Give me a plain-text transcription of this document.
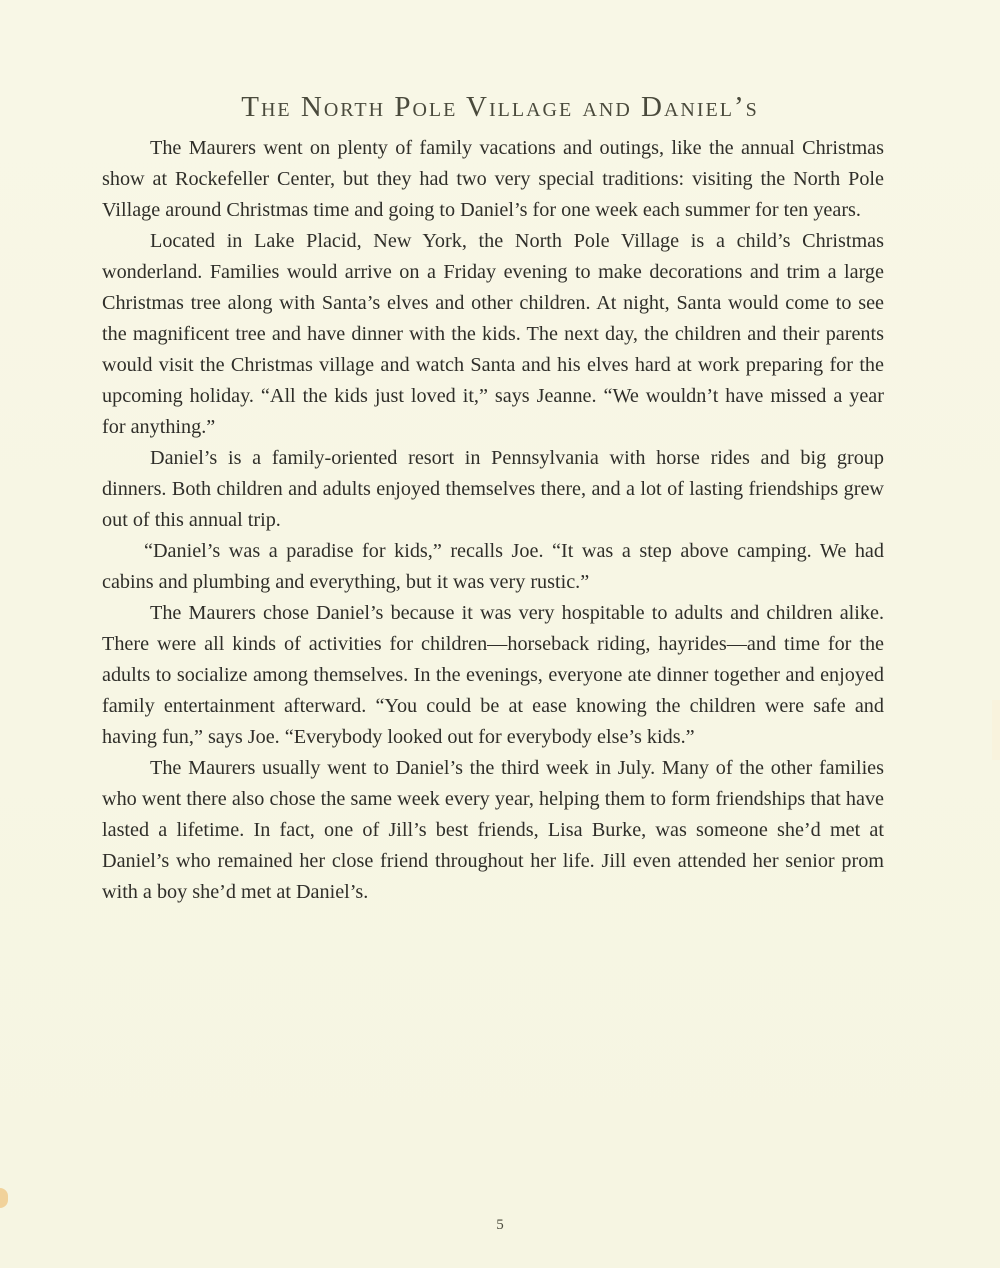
The North Pole Village and Daniel’s

The Maurers went on plenty of family vacations and outings, like the annual Christmas show at Rockefeller Center, but they had two very special traditions: visiting the North Pole Village around Christmas time and going to Daniel’s for one week each summer for ten years.

Located in Lake Placid, New York, the North Pole Village is a child’s Christmas wonderland. Families would arrive on a Friday evening to make decorations and trim a large Christmas tree along with Santa’s elves and other children. At night, Santa would come to see the magnificent tree and have dinner with the kids. The next day, the children and their parents would visit the Christmas village and watch Santa and his elves hard at work preparing for the upcoming holiday. “All the kids just loved it,” says Jeanne. “We wouldn’t have missed a year for anything.”

Daniel’s is a family-oriented resort in Pennsylvania with horse rides and big group dinners. Both children and adults enjoyed themselves there, and a lot of lasting friendships grew out of this annual trip.

“Daniel’s was a paradise for kids,” recalls Joe. “It was a step above camping. We had cabins and plumbing and everything, but it was very rustic.”

The Maurers chose Daniel’s because it was very hospitable to adults and children alike. There were all kinds of activities for children—horseback riding, hayrides—and time for the adults to socialize among themselves. In the evenings, everyone ate dinner together and enjoyed family entertainment afterward. “You could be at ease knowing the children were safe and having fun,” says Joe. “Everybody looked out for everybody else’s kids.”

The Maurers usually went to Daniel’s the third week in July. Many of the other families who went there also chose the same week every year, helping them to form friendships that have lasted a lifetime. In fact, one of Jill’s best friends, Lisa Burke, was someone she’d met at Daniel’s who remained her close friend throughout her life. Jill even attended her senior prom with a boy she’d met at Daniel’s.

5
